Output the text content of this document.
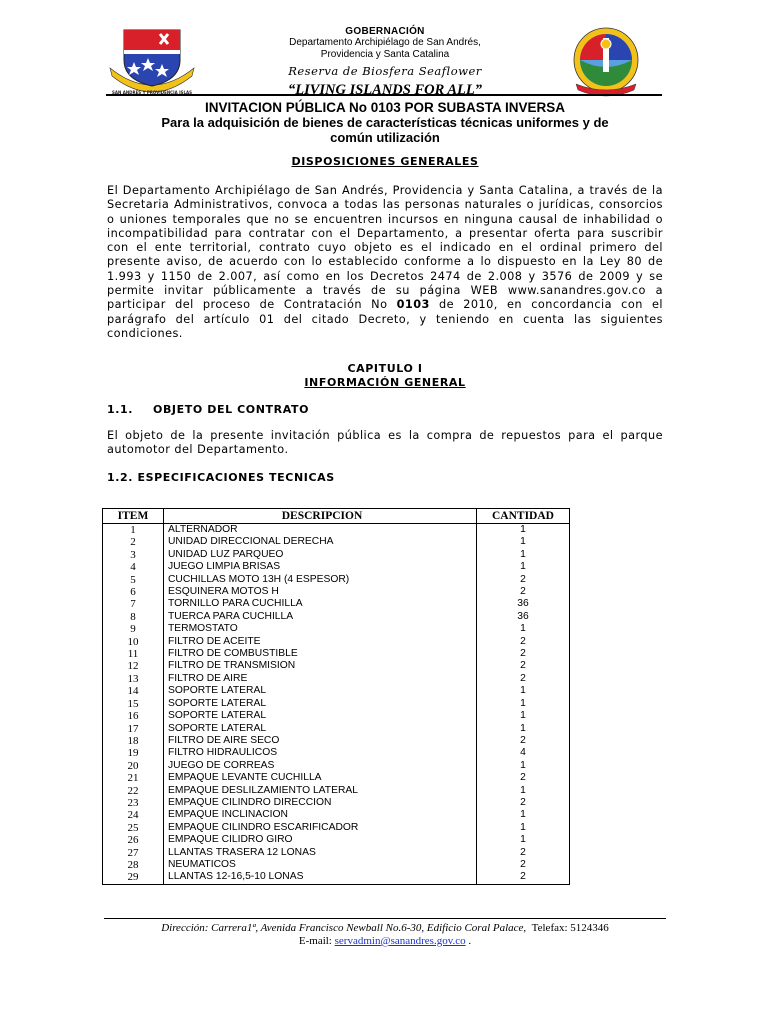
SAN ANDRES Y PROVIDENCIA ISLAS
GOBERNACIÓN
Departamento Archipiélago de San Andrés,
Providencia y Santa Catalina
Reserva de Biosfera Seaflower
“LIVING ISLANDS FOR ALL”
INVITACION PÚBLICA No 0103 POR SUBASTA INVERSA
Para la adquisición de bienes de características técnicas uniformes y de
común utilización
DISPOSICIONES GENERALES
El Departamento Archipiélago de San Andrés, Providencia y Santa Catalina, a través de la Secretaria Administrativos, convoca a todas las personas naturales o jurídicas, consorcios o uniones temporales que no se encuentren incursos en ninguna causal de inhabilidad o incompatibilidad para contratar con el Departamento, a presentar oferta para suscribir con el ente territorial, contrato cuyo objeto es el indicado en el ordinal primero del presente aviso, de acuerdo con lo establecido conforme a lo dispuesto en la Ley 80 de 1.993 y 1150 de 2.007, así como en los Decretos 2474 de 2.008 y 3576 de 2009 y se permite invitar públicamente a través de su página WEB www.sanandres.gov.co a participar del proceso de Contratación No 0103 de 2010, en concordancia con el parágrafo del artículo 01 del citado Decreto, y teniendo en cuenta las siguientes condiciones.
CAPITULO I
INFORMACIÓN GENERAL
1.1. OBJETO DEL CONTRATO
El objeto de la presente invitación pública es la compra de repuestos para el parque automotor del Departamento.
1.2. ESPECIFICACIONES TECNICAS
ITEM	DESCRIPCION	CANTIDAD
1	ALTERNADOR	1
2	UNIDAD DIRECCIONAL DERECHA	1
3	UNIDAD LUZ PARQUEO	1
4	JUEGO LIMPIA BRISAS	1
5	CUCHILLAS MOTO 13H (4 ESPESOR)	2
6	ESQUINERA MOTOS H	2
7	TORNILLO PARA CUCHILLA	36
8	TUERCA PARA CUCHILLA	36
9	TERMOSTATO	1
10	FILTRO DE ACEITE	2
11	FILTRO DE COMBUSTIBLE	2
12	FILTRO DE TRANSMISION	2
13	FILTRO DE AIRE	2
14	SOPORTE LATERAL	1
15	SOPORTE LATERAL	1
16	SOPORTE LATERAL	1
17	SOPORTE LATERAL	1
18	FILTRO DE AIRE SECO	2
19	FILTRO HIDRAULICOS	4
20	JUEGO DE CORREAS	1
21	EMPAQUE LEVANTE CUCHILLA	2
22	EMPAQUE DESLILZAMIENTO LATERAL	1
23	EMPAQUE CILINDRO DIRECCION	2
24	EMPAQUE INCLINACION	1
25	EMPAQUE CILINDRO ESCARIFICADOR	1
26	EMPAQUE CILIDRO GIRO	1
27	LLANTAS TRASERA 12 LONAS	2
28	NEUMATICOS	2
29	LLANTAS 12-16,5-10 LONAS	2
Dirección: Carrera1ª, Avenida Francisco Newball No.6-30, Edificio Coral Palace, Telefax: 5124346
E-mail: servadmin@sanandres.gov.co .
